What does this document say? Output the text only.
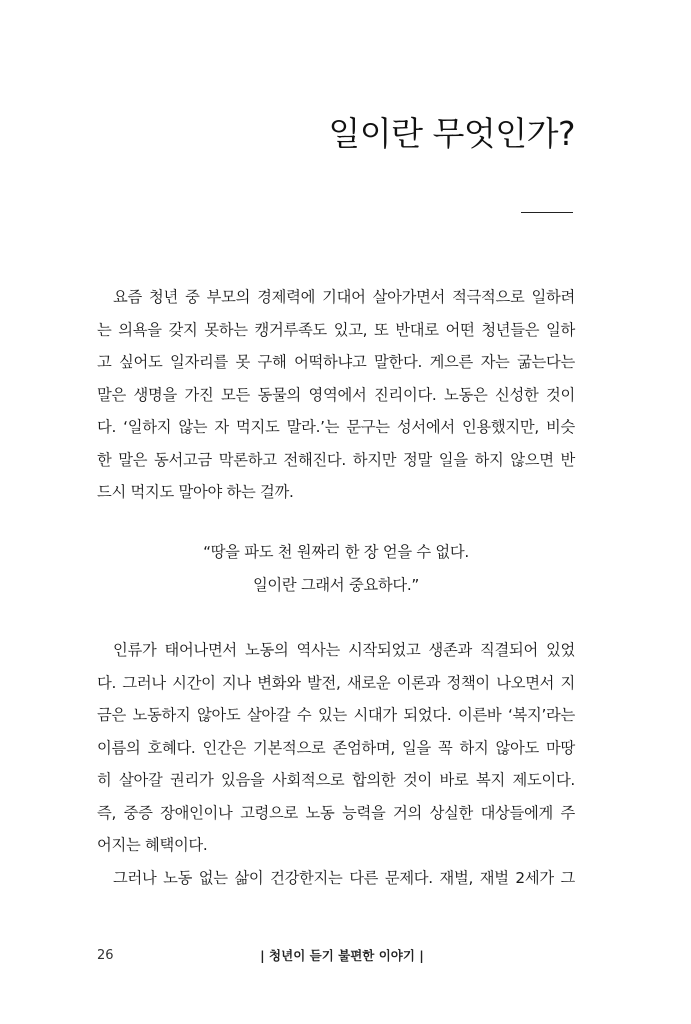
일이란 무엇인가?
요즘 청년 중 부모의 경제력에 기대어 살아가면서 적극적으로 일하려
는 의욕을 갖지 못하는 캥거루족도 있고, 또 반대로 어떤 청년들은 일하
고 싶어도 일자리를 못 구해 어떡하냐고 말한다. 게으른 자는 굶는다는
말은 생명을 가진 모든 동물의 영역에서 진리이다. 노동은 신성한 것이
다. ‘일하지 않는 자 먹지도 말라.’는 문구는 성서에서 인용했지만, 비슷
한 말은 동서고금 막론하고 전해진다. 하지만 정말 일을 하지 않으면 반
드시 먹지도 말아야 하는 걸까.
“땅을 파도 천 원짜리 한 장 얻을 수 없다.
일이란 그래서 중요하다.”
인류가 태어나면서 노동의 역사는 시작되었고 생존과 직결되어 있었
다. 그러나 시간이 지나 변화와 발전, 새로운 이론과 정책이 나오면서 지
금은 노동하지 않아도 살아갈 수 있는 시대가 되었다. 이른바 ‘복지’라는
이름의 호혜다. 인간은 기본적으로 존엄하며, 일을 꼭 하지 않아도 마땅
히 살아갈 권리가 있음을 사회적으로 합의한 것이 바로 복지 제도이다.
즉, 중증 장애인이나 고령으로 노동 능력을 거의 상실한 대상들에게 주
어지는 혜택이다.
그러나 노동 없는 삶이 건강한지는 다른 문제다. 재벌, 재벌 2세가 그
26	| 청년이 듣기 불편한 이야기 |
